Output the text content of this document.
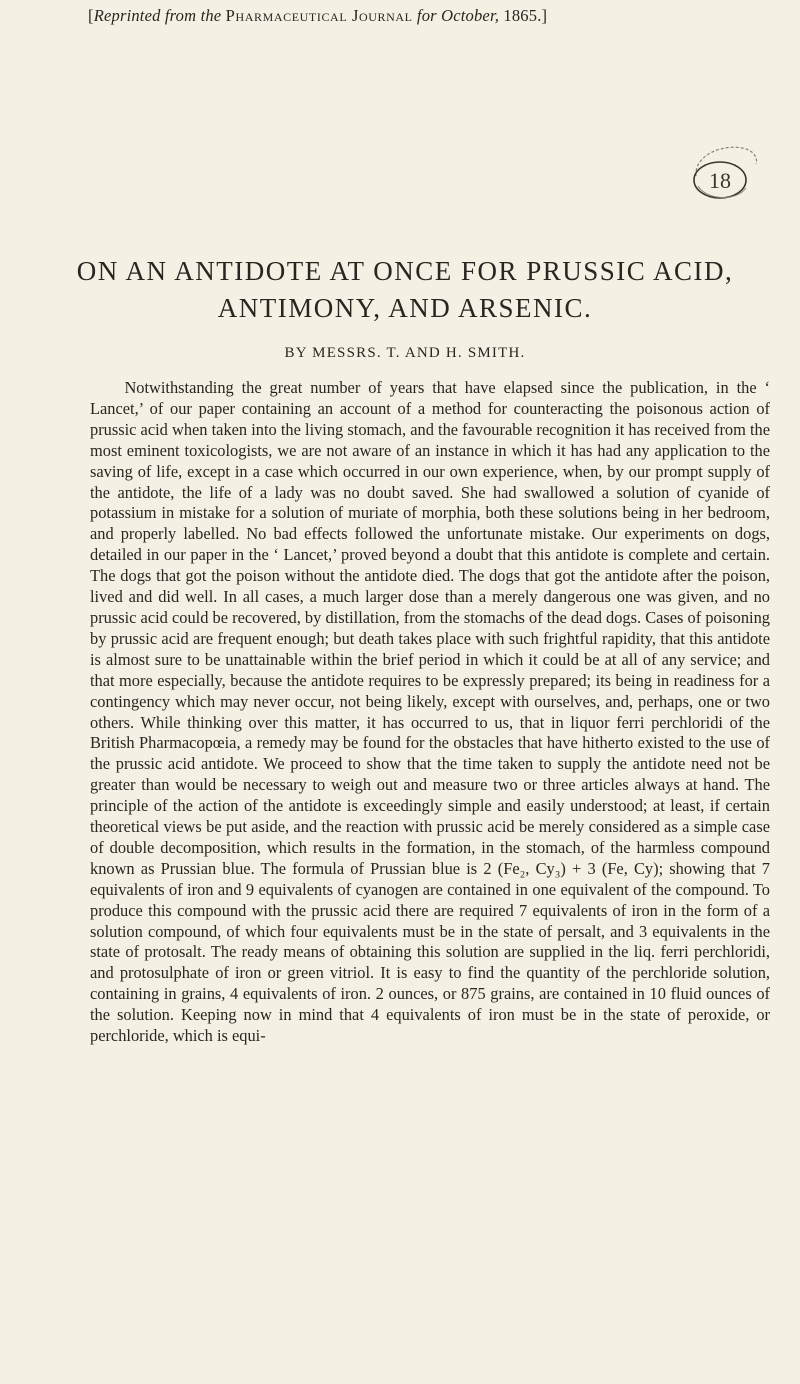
[Reprinted from the Pharmaceutical Journal for October, 1865.]
18
ON AN ANTIDOTE AT ONCE FOR PRUSSIC ACID, ANTIMONY, AND ARSENIC.
BY MESSRS. T. AND H. SMITH.

Notwithstanding the great number of years that have elapsed since the publication, in the ‘ Lancet,’ of our paper containing an account of a method for counteracting the poisonous action of prussic acid when taken into the living stomach, and the favourable recognition it has received from the most eminent toxicologists, we are not aware of an instance in which it has had any application to the saving of life, except in a case which occurred in our own experience, when, by our prompt supply of the antidote, the life of a lady was no doubt saved. She had swallowed a solution of cyanide of potassium in mistake for a solution of muriate of morphia, both these solutions being in her bedroom, and properly labelled. No bad effects followed the unfortunate mistake. Our experiments on dogs, detailed in our paper in the ‘ Lancet,’ proved beyond a doubt that this antidote is complete and certain. The dogs that got the poison without the antidote died. The dogs that got the antidote after the poison, lived and did well. In all cases, a much larger dose than a merely dangerous one was given, and no prussic acid could be recovered, by distillation, from the stomachs of the dead dogs. Cases of poisoning by prussic acid are frequent enough; but death takes place with such frightful rapidity, that this antidote is almost sure to be unattainable within the brief period in which it could be at all of any service; and that more especially, because the antidote requires to be expressly prepared; its being in readiness for a contingency which may never occur, not being likely, except with ourselves, and, perhaps, one or two others. While thinking over this matter, it has occurred to us, that in liquor ferri perchloridi of the British Pharmacopœia, a remedy may be found for the obstacles that have hitherto existed to the use of the prussic acid antidote. We proceed to show that the time taken to supply the antidote need not be greater than would be necessary to weigh out and measure two or three articles always at hand. The principle of the action of the antidote is exceedingly simple and easily understood; at least, if certain theoretical views be put aside, and the reaction with prussic acid be merely considered as a simple case of double decomposition, which results in the formation, in the stomach, of the harmless compound known as Prussian blue. The formula of Prussian blue is 2 (Fe₂, Cy₃) + 3 (Fe, Cy); showing that 7 equivalents of iron and 9 equivalents of cyanogen are contained in one equivalent of the compound. To produce this compound with the prussic acid there are required 7 equivalents of iron in the form of a solution compound, of which four equivalents must be in the state of persalt, and 3 equivalents in the state of protosalt. The ready means of obtaining this solution are supplied in the liq. ferri perchloridi, and protosulphate of iron or green vitriol. It is easy to find the quantity of the perchloride solution, containing in grains, 4 equivalents of iron. 2 ounces, or 875 grains, are contained in 10 fluid ounces of the solution. Keeping now in mind that 4 equivalents of iron must be in the state of peroxide, or perchloride, which is equi-
